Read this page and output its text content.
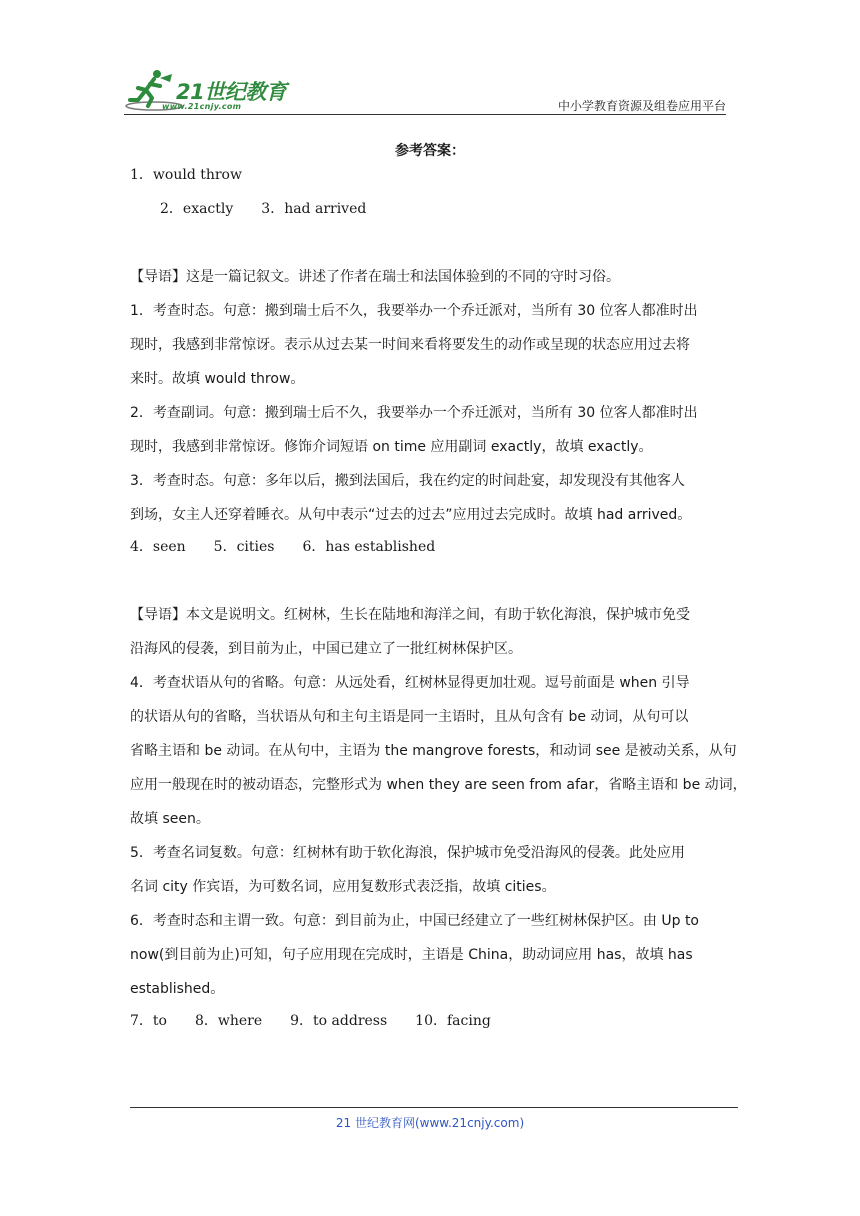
21世纪教育
www.21cnjy.com	中小学教育资源及组卷应用平台
参考答案：
1．would throw
2．exactly　　3．had arrived
【导语】这是一篇记叙文。讲述了作者在瑞士和法国体验到的不同的守时习俗。
1．考查时态。句意：搬到瑞士后不久，我要举办一个乔迁派对，当所有 30 位客人都准时出
现时，我感到非常惊讶。表示从过去某一时间来看将要发生的动作或呈现的状态应用过去将
来时。故填 would throw。
2．考查副词。句意：搬到瑞士后不久，我要举办一个乔迁派对，当所有 30 位客人都准时出
现时，我感到非常惊讶。修饰介词短语 on time 应用副词 exactly，故填 exactly。
3．考查时态。句意：多年以后，搬到法国后，我在约定的时间赴宴，却发现没有其他客人
到场，女主人还穿着睡衣。从句中表示“过去的过去”应用过去完成时。故填 had arrived。
4．seen　　5．cities　　6．has established
【导语】本文是说明文。红树林，生长在陆地和海洋之间，有助于软化海浪，保护城市免受
沿海风的侵袭，到目前为止，中国已建立了一批红树林保护区。
4．考查状语从句的省略。句意：从远处看，红树林显得更加壮观。逗号前面是 when 引导
的状语从句的省略，当状语从句和主句主语是同一主语时，且从句含有 be 动词，从句可以
省略主语和 be 动词。在从句中，主语为 the mangrove forests，和动词 see 是被动关系，从句
应用一般现在时的被动语态，完整形式为 when they are seen from afar，省略主语和 be 动词，
故填 seen。
5．考查名词复数。句意：红树林有助于软化海浪，保护城市免受沿海风的侵袭。此处应用
名词 city 作宾语，为可数名词，应用复数形式表泛指，故填 cities。
6．考查时态和主谓一致。句意：到目前为止，中国已经建立了一些红树林保护区。由 Up to
now(到目前为止)可知，句子应用现在完成时，主语是 China，助动词应用 has，故填 has
established。
7．to　　8．where　　9．to address　　10．facing
21 世纪教育网(www.21cnjy.com)
